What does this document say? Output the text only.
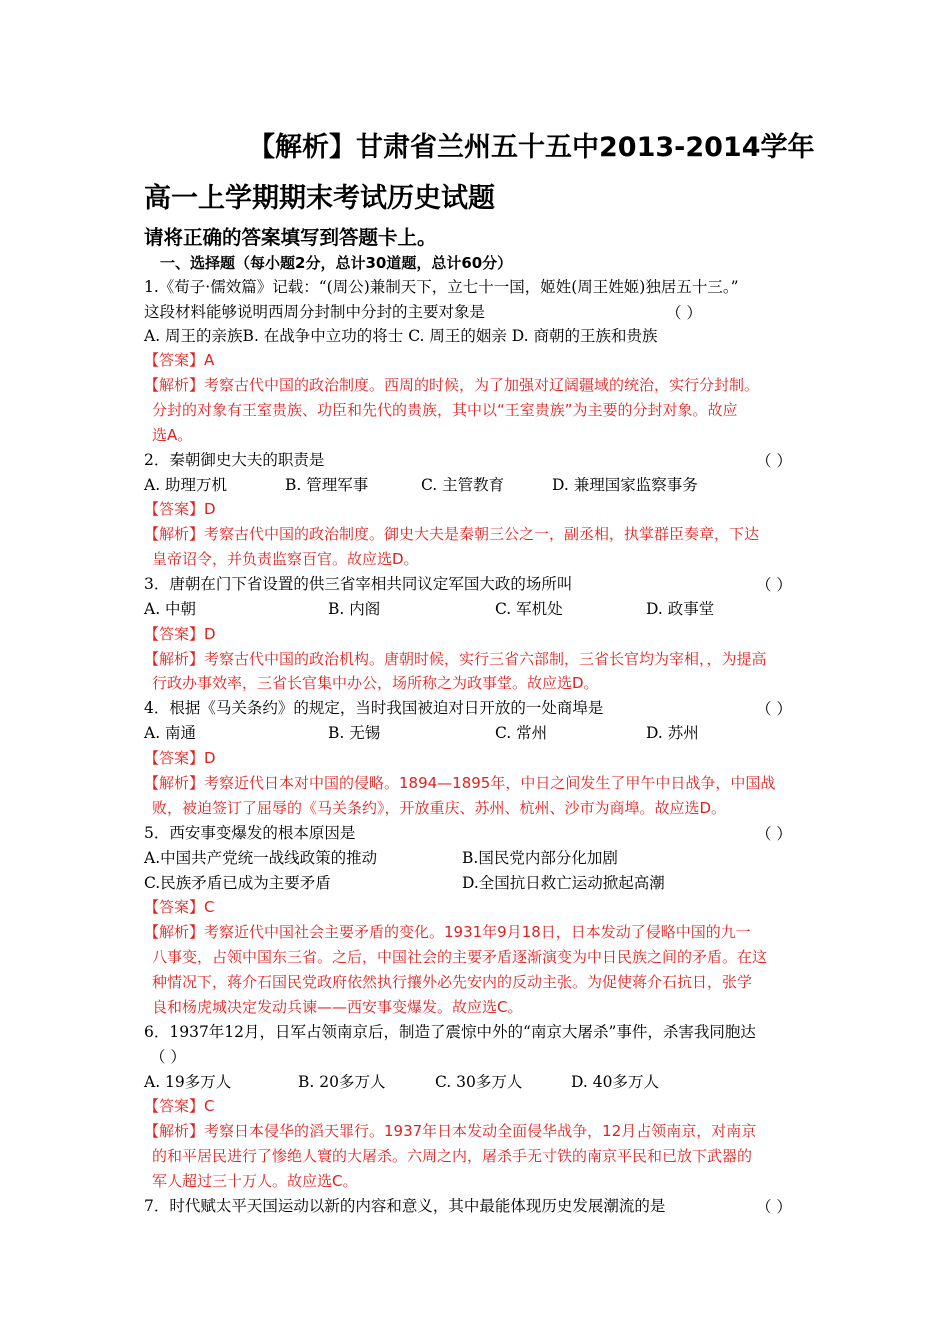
【解析】甘肃省兰州五十五中2013-2014学年
高一上学期期末考试历史试题
请将正确的答案填写到答题卡上。
一、选择题（每小题2分，总计30道题，总计60分）
1.《荀子·儒效篇》记载：“(周公)兼制天下，立七十一国，姬姓(周王姓姬)独居五十三。”
这段材料能够说明西周分封制中分封的主要对象是	（ ）
A. 周王的亲族B. 在战争中立功的将士 C. 周王的姻亲 D. 商朝的王族和贵族
【答案】A
【解析】考察古代中国的政治制度。西周的时候，为了加强对辽阔疆域的统治，实行分封制。
分封的对象有王室贵族、功臣和先代的贵族，其中以“王室贵族”为主要的分封对象。故应
选A。
2．秦朝御史大夫的职责是	（ ）
A. 助理万机	B. 管理军事	C. 主管教育	D. 兼理国家监察事务
【答案】D
【解析】考察古代中国的政治制度。御史大夫是秦朝三公之一，副丞相，执掌群臣奏章，下达
皇帝诏令，并负责监察百官。故应选D。
3．唐朝在门下省设置的供三省宰相共同议定军国大政的场所叫	（ ）
A. 中朝	B. 内阁	C. 军机处	D. 政事堂
【答案】D
【解析】考察古代中国的政治机构。唐朝时候，实行三省六部制，三省长官均为宰相，，为提高
行政办事效率，三省长官集中办公，场所称之为政事堂。故应选D。
4．根据《马关条约》的规定，当时我国被迫对日开放的一处商埠是	（ ）
A. 南通	B. 无锡	C. 常州	D. 苏州
【答案】D
【解析】考察近代日本对中国的侵略。1894—1895年，中日之间发生了甲午中日战争，中国战
败，被迫签订了屈辱的《马关条约》，开放重庆、苏州、杭州、沙市为商埠。故应选D。
5．西安事变爆发的根本原因是	（ ）
A.中国共产党统一战线政策的推动	B.国民党内部分化加剧
C.民族矛盾已成为主要矛盾	D.全国抗日救亡运动掀起高潮
【答案】C
【解析】考察近代中国社会主要矛盾的变化。1931年9月18日，日本发动了侵略中国的九一
八事变，占领中国东三省。之后，中国社会的主要矛盾逐渐演变为中日民族之间的矛盾。在这
种情况下，蒋介石国民党政府依然执行攘外必先安内的反动主张。为促使蒋介石抗日，张学
良和杨虎城决定发动兵谏——西安事变爆发。故应选C。
6．1937年12月，日军占领南京后，制造了震惊中外的“南京大屠杀”事件，杀害我同胞达
（ ）
A. 19多万人	B. 20多万人	C. 30多万人	D. 40多万人
【答案】C
【解析】考察日本侵华的滔天罪行。1937年日本发动全面侵华战争，12月占领南京，对南京
的和平居民进行了惨绝人寰的大屠杀。六周之内，屠杀手无寸铁的南京平民和已放下武器的
军人超过三十万人。故应选C。
7．时代赋太平天国运动以新的内容和意义，其中最能体现历史发展潮流的是	（ ）
